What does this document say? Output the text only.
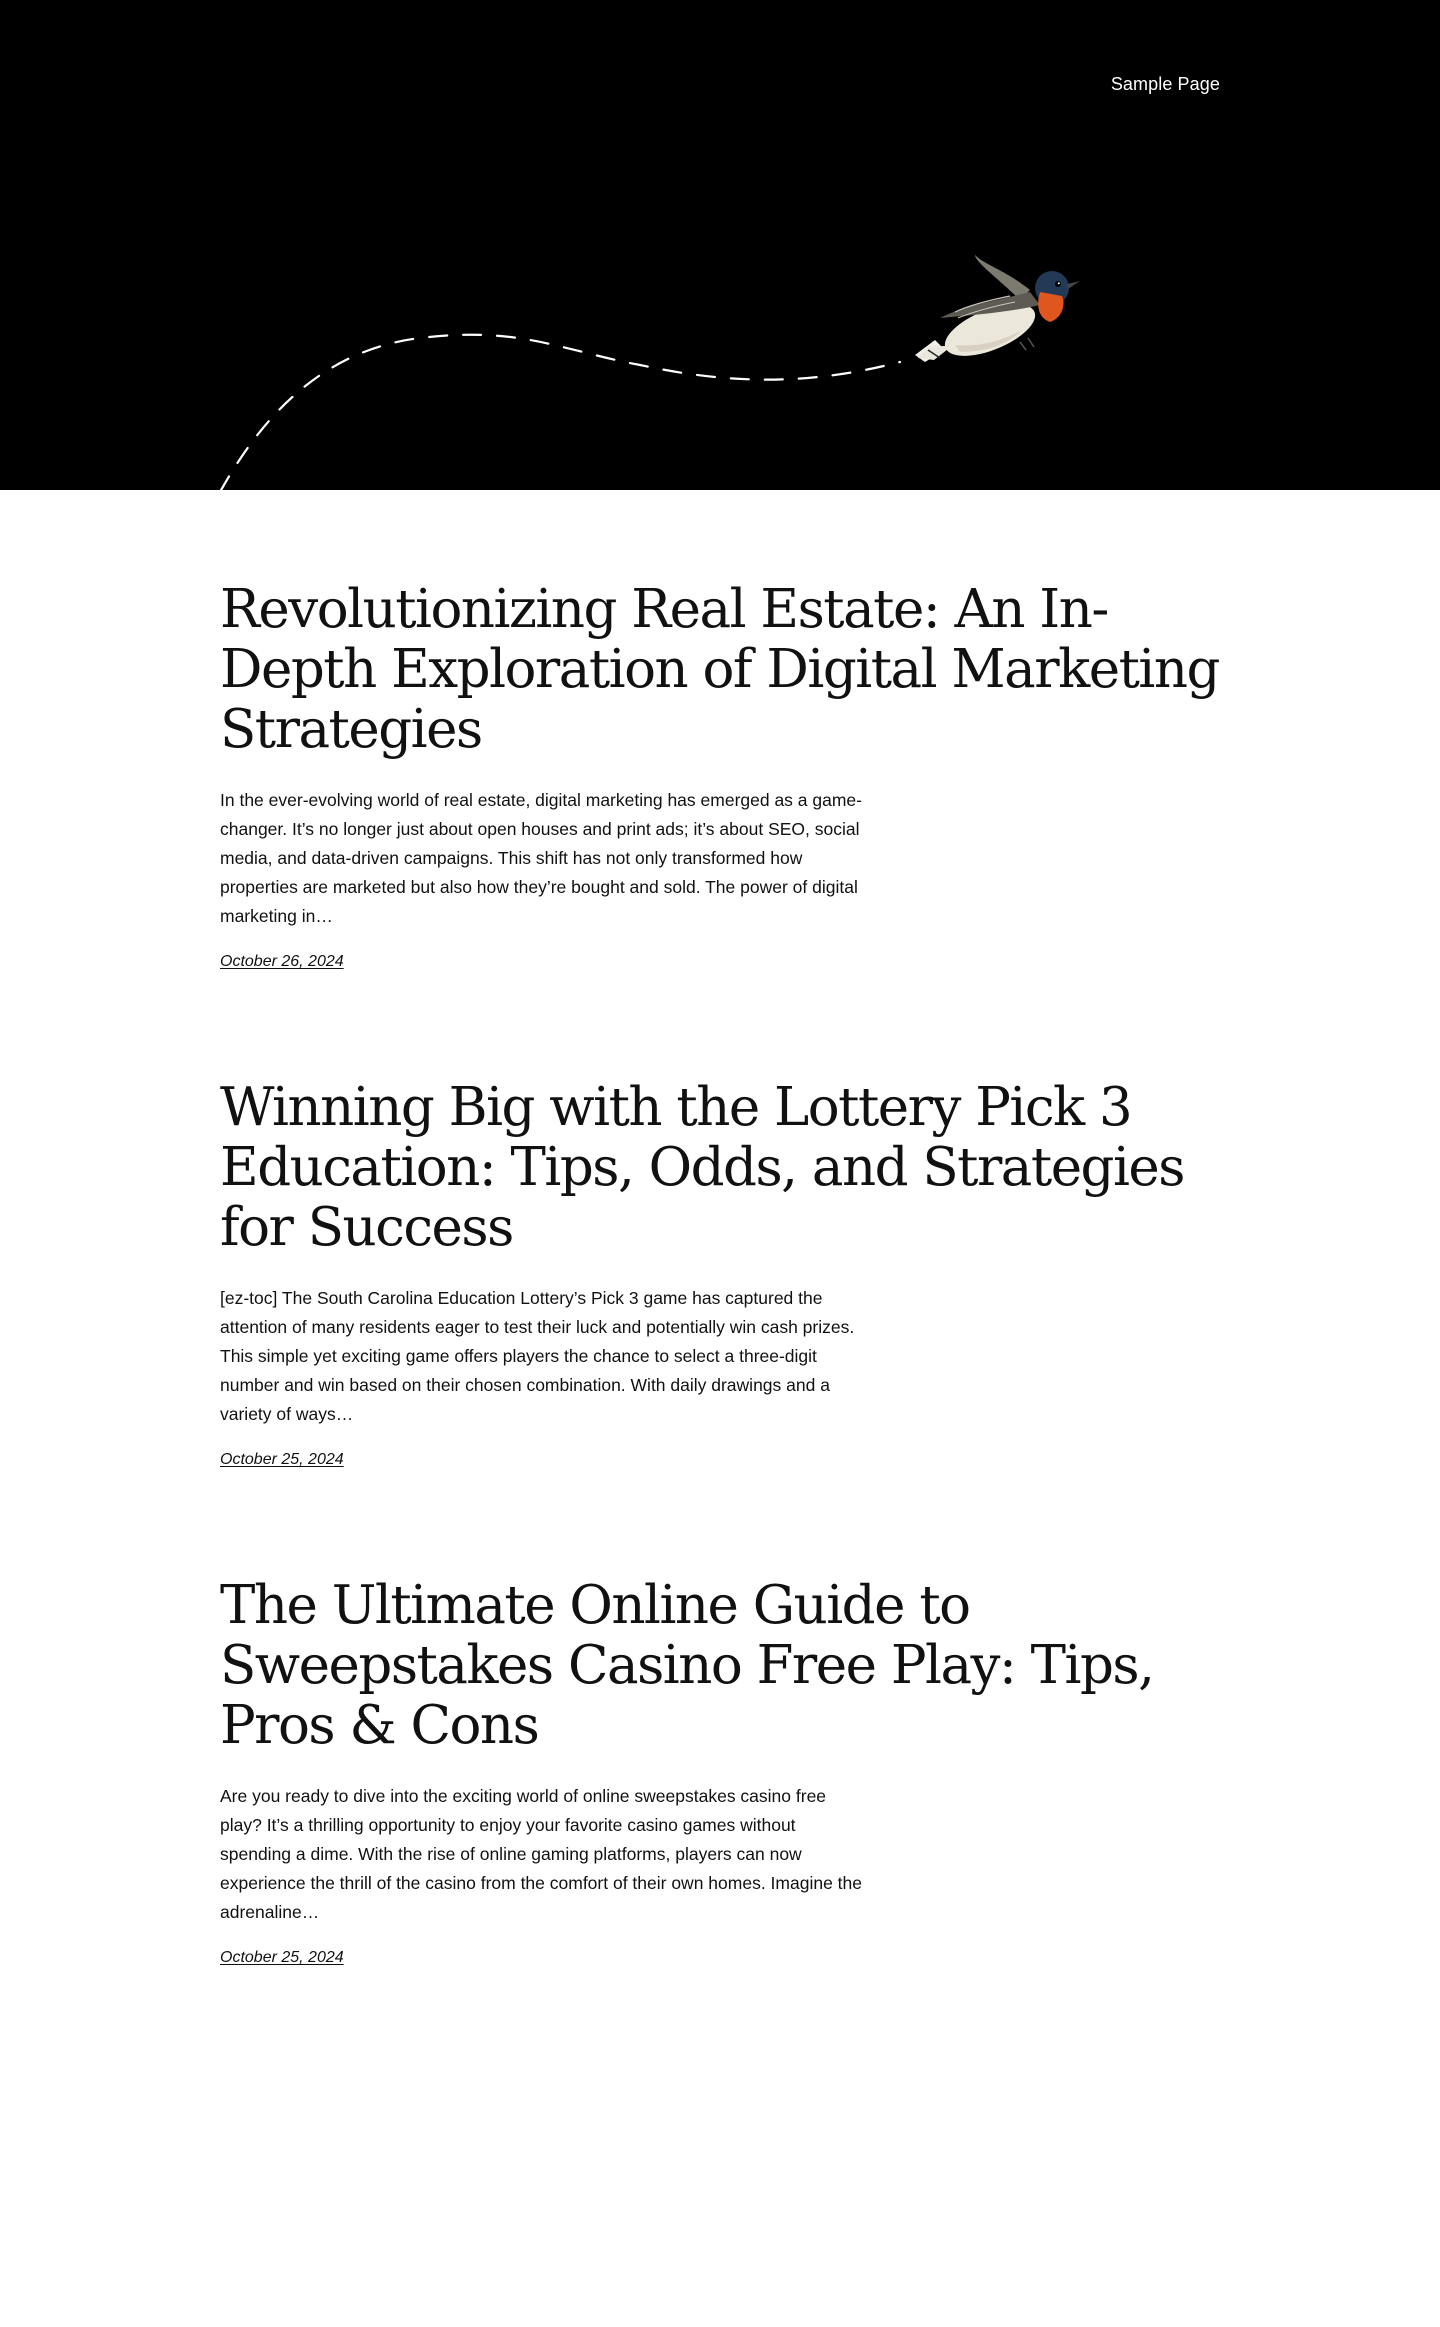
Sample Page
Revolutionizing Real Estate: An In-Depth Exploration of Digital Marketing Strategies

In the ever-evolving world of real estate, digital marketing has emerged as a game-changer. It’s no longer just about open houses and print ads; it’s about SEO, social media, and data-driven campaigns. This shift has not only transformed how properties are marketed but also how they’re bought and sold. The power of digital marketing in…

October 26, 2024
Winning Big with the Lottery Pick 3 Education: Tips, Odds, and Strategies for Success

[ez-toc] The South Carolina Education Lottery’s Pick 3 game has captured the attention of many residents eager to test their luck and potentially win cash prizes. This simple yet exciting game offers players the chance to select a three-digit number and win based on their chosen combination. With daily drawings and a variety of ways…

October 25, 2024
The Ultimate Online Guide to Sweepstakes Casino Free Play: Tips, Pros & Cons

Are you ready to dive into the exciting world of online sweepstakes casino free play? It’s a thrilling opportunity to enjoy your favorite casino games without spending a dime. With the rise of online gaming platforms, players can now experience the thrill of the casino from the comfort of their own homes. Imagine the adrenaline…

October 25, 2024
